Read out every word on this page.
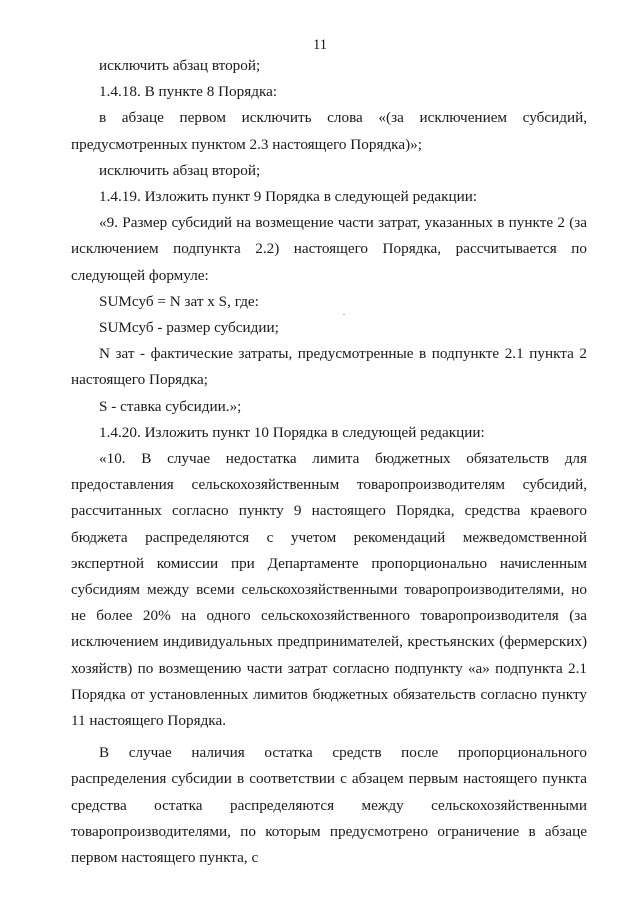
11

исключить абзац второй;

1.4.18. В пункте 8 Порядка:

в абзаце первом исключить слова «(за исключением субсидий, предусмотренных пунктом 2.3 настоящего Порядка)»;

исключить абзац второй;

1.4.19. Изложить пункт 9 Порядка в следующей редакции:

«9. Размер субсидий на возмещение части затрат, указанных в пункте 2 (за исключением подпункта 2.2) настоящего Порядка, рассчитывается по следующей формуле:

SUMсуб = N зат x S, где:

SUMсуб - размер субсидии;

N зат - фактические затраты, предусмотренные в подпункте 2.1 пункта 2 настоящего Порядка;

S - ставка субсидии.»;

1.4.20. Изложить пункт 10 Порядка в следующей редакции:

«10. В случае недостатка лимита бюджетных обязательств для предоставления сельскохозяйственным товаропроизводителям субсидий, рассчитанных согласно пункту 9 настоящего Порядка, средства краевого бюджета распределяются с учетом рекомендаций межведомственной экспертной комиссии при Департаменте пропорционально начисленным субсидиям между всеми сельскохозяйственными товаропроизводителями, но не более 20% на одного сельскохозяйственного товаропроизводителя (за исключением индивидуальных предпринимателей, крестьянских (фермерских) хозяйств) по возмещению части затрат согласно подпункту «а» подпункта 2.1 Порядка от установленных лимитов бюджетных обязательств согласно пункту 11 настоящего Порядка.

В случае наличия остатка средств после пропорционального распределения субсидии в соответствии с абзацем первым настоящего пункта средства остатка распределяются между сельскохозяйственными товаропроизводителями, по которым предусмотрено ограничение в абзаце первом настоящего пункта, с
